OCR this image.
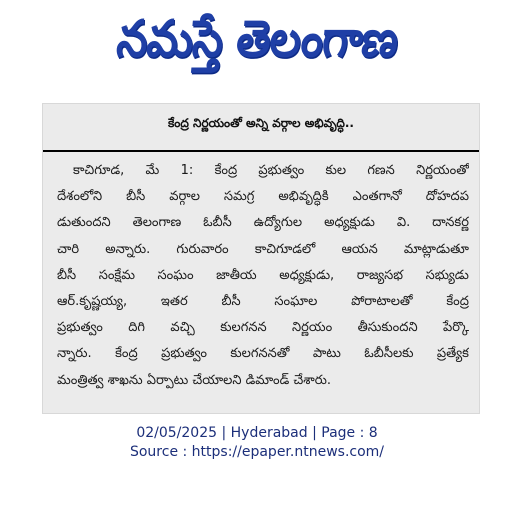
నమస్తే తెలంగాణ
కేంద్ర నిర్ణయంతో అన్ని వర్గాల అభివృద్ధి..
కాచిగూడ, మే 1: కేంద్ర ప్రభుత్వం కుల గణన నిర్ణయంతో
దేశంలోని బీసీ వర్గాల సమగ్ర అభివృద్ధికి ఎంతగానో దోహదప
డుతుందని తెలంగాణ ఓబీసీ ఉద్యోగుల అధ్యక్షుడు వి. దానకర్ణ
చారి అన్నారు. గురువారం కాచిగూడలో ఆయన మాట్లాడుతూ
బీసీ సంక్షేమ సంఘం జాతీయ అధ్యక్షుడు, రాజ్యసభ సభ్యుడు
ఆర్.కృష్ణయ్య,	ఇతర	బీసీ	సంఘాల	పోరాటాలతో	కేంద్ర
ప్రభుత్వం దిగి వచ్చి కులగనన నిర్ణయం తీసుకుందని పేర్కొ
న్నారు. కేంద్ర ప్రభుత్వం కులగననతో పాటు ఓబీసీలకు ప్రత్యేక
మంత్రిత్వ శాఖను ఏర్పాటు చేయాలని డిమాండ్ చేశారు.
02/05/2025 | Hyderabad | Page : 8
Source : https://epaper.ntnews.com/
